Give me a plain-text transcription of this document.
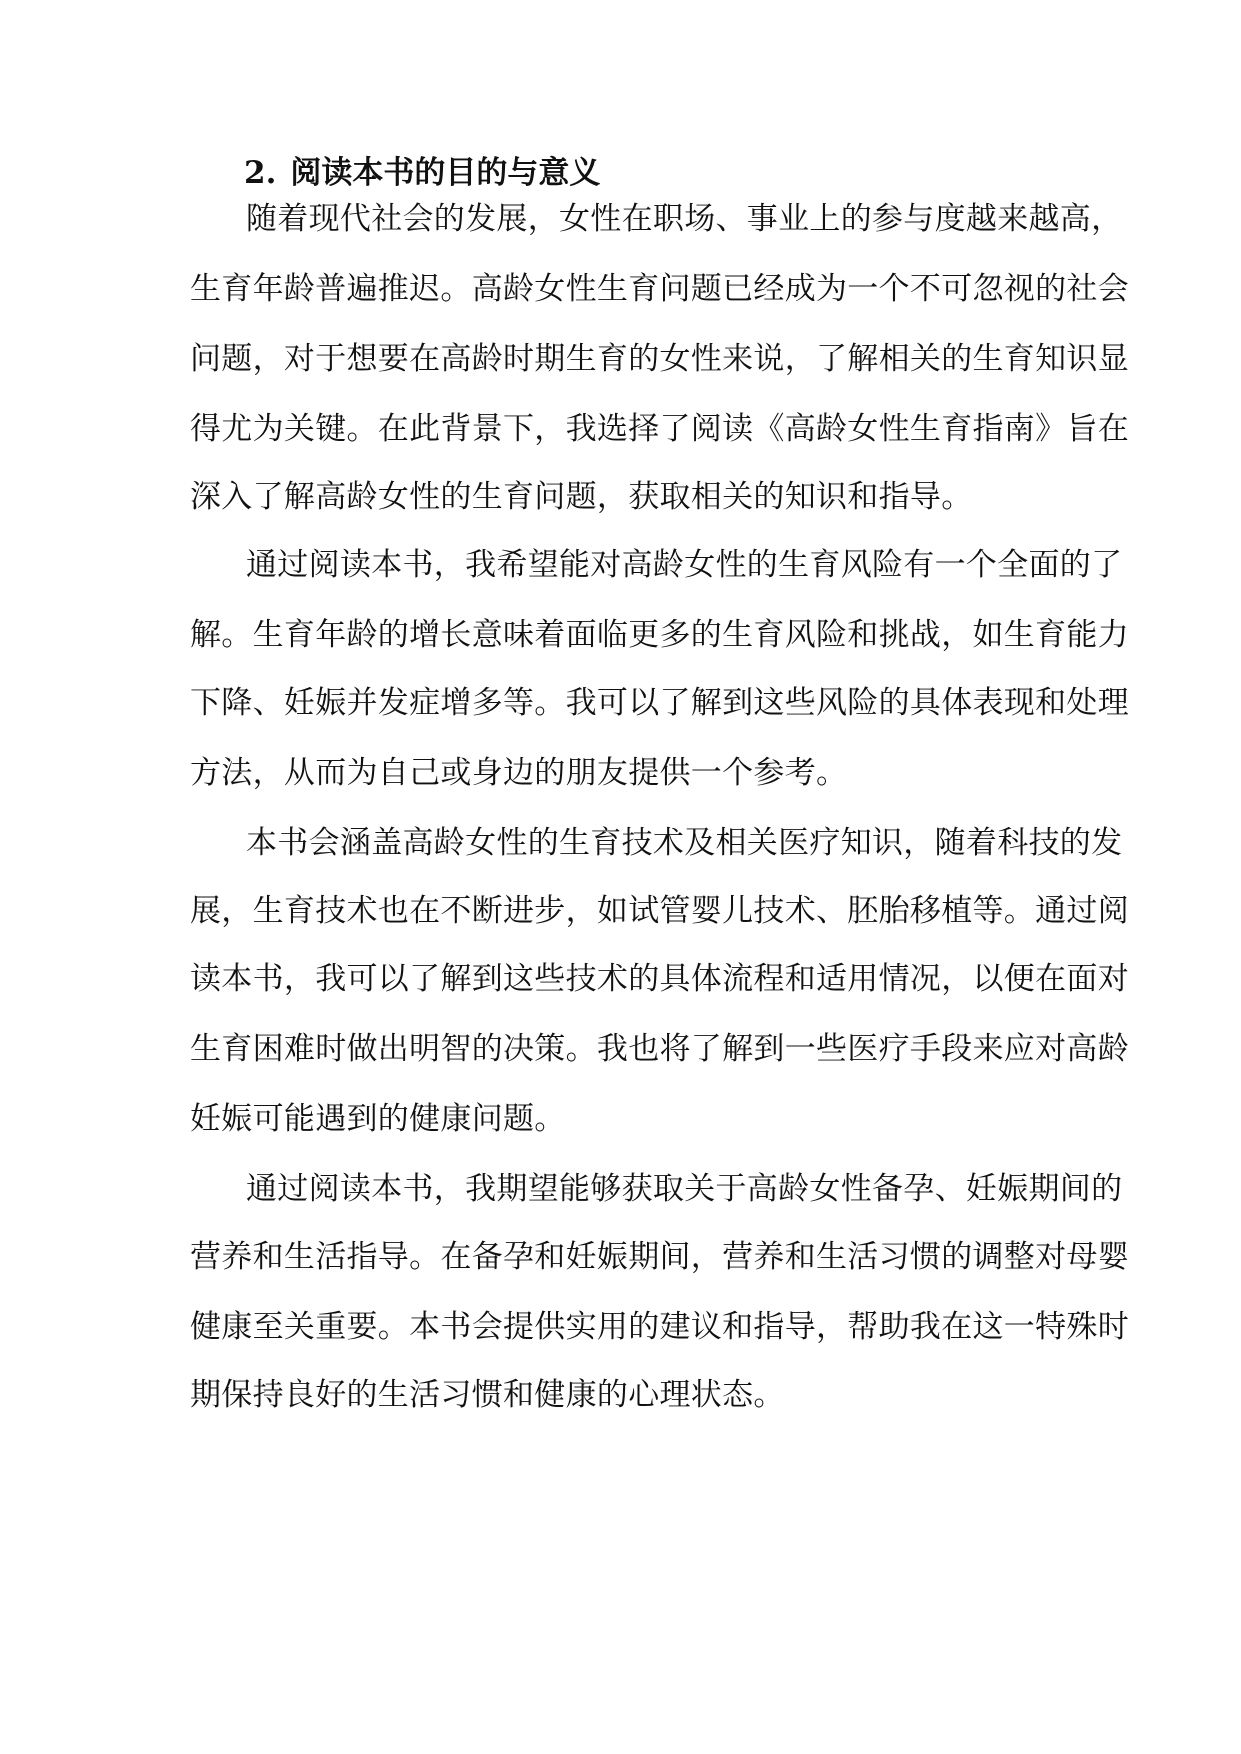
2. 阅读本书的目的与意义
随着现代社会的发展，女性在职场、事业上的参与度越来越高，
生育年龄普遍推迟。高龄女性生育问题已经成为一个不可忽视的社会
问题，对于想要在高龄时期生育的女性来说，了解相关的生育知识显
得尤为关键。在此背景下，我选择了阅读《高龄女性生育指南》旨在
深入了解高龄女性的生育问题，获取相关的知识和指导。
通过阅读本书，我希望能对高龄女性的生育风险有一个全面的了
解。生育年龄的增长意味着面临更多的生育风险和挑战，如生育能力
下降、妊娠并发症增多等。我可以了解到这些风险的具体表现和处理
方法，从而为自己或身边的朋友提供一个参考。
本书会涵盖高龄女性的生育技术及相关医疗知识，随着科技的发
展，生育技术也在不断进步，如试管婴儿技术、胚胎移植等。通过阅
读本书，我可以了解到这些技术的具体流程和适用情况，以便在面对
生育困难时做出明智的决策。我也将了解到一些医疗手段来应对高龄
妊娠可能遇到的健康问题。
通过阅读本书，我期望能够获取关于高龄女性备孕、妊娠期间的
营养和生活指导。在备孕和妊娠期间，营养和生活习惯的调整对母婴
健康至关重要。本书会提供实用的建议和指导，帮助我在这一特殊时
期保持良好的生活习惯和健康的心理状态。
